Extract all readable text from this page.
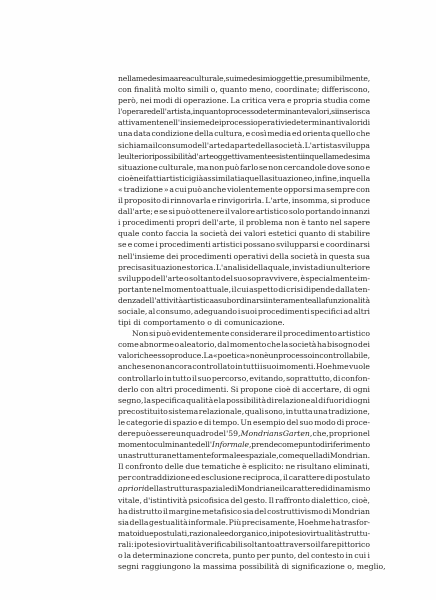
nella medesima area culturale, sui medesimi oggetti e, presumibilmente,
con finalità molto simili o, quanto meno, coordinate; differiscono,
però, nei modi di operazione. La critica vera e propria studia come
l'operare dell'artista, in quanto processo determinante valori, si inserisca
attivamente nell'insieme dei processi operativi e determinanti valori di
una data condizione della cultura, e così media ed orienta quello che
si chiama il consumo dell'arte da parte della società. L'artista sviluppa
le ulteriori possibilità d'arte oggettivamente esistenti in quella medesima
situazione culturale, ma non può farlo se non cercandole dove sono e
cioè nei fatti artistici già assimilati a quella situazione o, infine, in quella
« tradizione » a cui può anche violentemente opporsi ma sempre con
il proposito di rinnovarla e rinvigorirla. L'arte, insomma, si produce
dall'arte; e se si può ottenere il valore artistico solo portando innanzi
i procedimenti propri dell'arte, il problema non è tanto nel sapere
quale conto faccia la società dei valori estetici quanto di stabilire
se e come i procedimenti artistici possano svilupparsi e coordinarsi
nell'insieme dei procedimenti operativi della società in questa sua
precisa situazione storica. L'analisi della quale, in vista di un ulteriore
sviluppo dell'arte o soltanto del suo sopravvivere, è specialmente im-
portante nel momento attuale, il cui aspetto di crisi dipende dalla ten-
denza dell'attività artistica a subordinarsi interamente alla funzionalità
sociale, al consumo, adeguando i suoi procedimenti specifici ad altri
tipi di comportamento o di comunicazione.
Non si può evidentemente considerare il procedimento artistico
come abnorme o aleatorio, dal momento che la società ha bisogno dei
valori che esso produce. La « poetica » non è un processo incontrollabile,
anche se non ancora controllato in tutti i suoi momenti. Hoehme vuole
controllarlo in tutto il suo percorso, evitando, soprattutto, di confon-
derlo con altri procedimenti. Si propone cioè di accertare, di ogni
segno, la specifica qualità e la possibilità di relazione al di fuori di ogni
precostituito sistema relazionale, quali sono, in tutta una tradizione,
le categorie di spazio e di tempo. Un esempio del suo modo di proce-
dere può essere un quadro del '59, Mondrians Garten, che, proprio nel
momento culminante dell'Informale, prende come punto di riferimento
una struttura nettamente formale e spaziale, come quella di Mondrian.
Il confronto delle due tematiche è esplicito: ne risultano eliminati,
per contraddizione ed esclusione reciproca, il carattere di postulato
a priori della struttura spaziale di Mondrian e il carattere di dinamismo
vitale, d'istintività psicofisica del gesto. Il raffronto dialettico, cioè,
ha distrutto il margine metafisico sia del costruttivismo di Mondrian
sia della gestualità informale. Più precisamente, Hoehme ha trasfor-
mato i due postulati, razionale ed organico, in ipotesi o virtualità struttu-
rali: ipotesi o virtualità verificabili soltanto attraverso il fare pittorico
o la determinazione concreta, punto per punto, del contesto in cui i
segni raggiungono la massima possibilità di significazione o, meglio,
